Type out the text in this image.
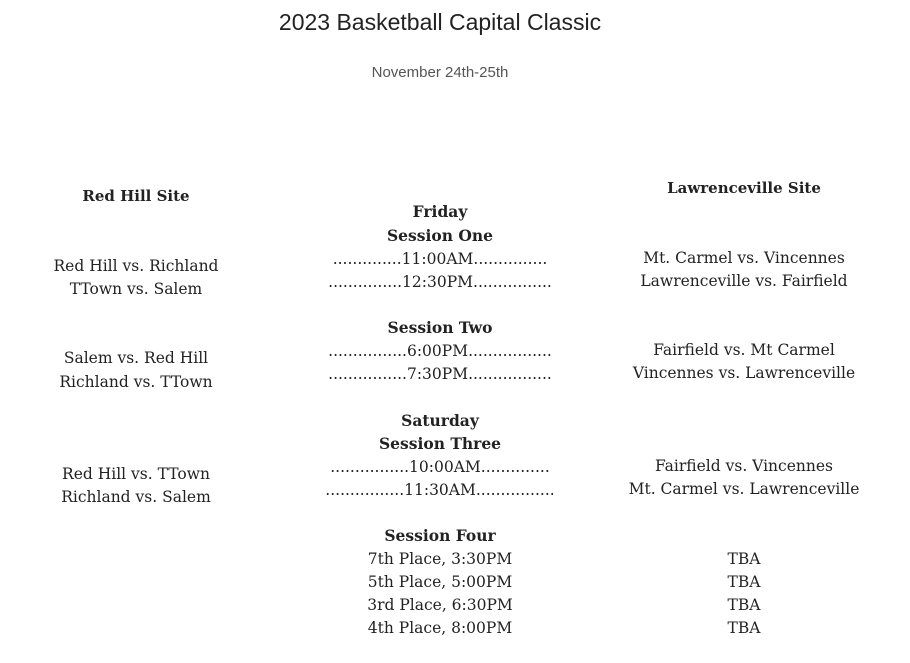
2023 Basketball Capital Classic
November 24th-25th
Red Hill Site	Lawrenceville Site
Friday
Session One
..............11:00AM...............
...............12:30PM................
Red Hill vs. Richland
TTown vs. Salem
Mt. Carmel vs. Vincennes
Lawrenceville vs. Fairfield
Session Two
................6:00PM.................
................7:30PM.................
Salem vs. Red Hill
Richland vs. TTown
Fairfield vs. Mt Carmel
Vincennes vs. Lawrenceville
Saturday
Session Three
................10:00AM..............
................11:30AM................
Red Hill vs. TTown
Richland vs. Salem
Fairfield vs. Vincennes
Mt. Carmel vs. Lawrenceville
Session Four
7th Place, 3:30PM
5th Place, 5:00PM
3rd Place, 6:30PM
4th Place, 8:00PM
TBA
TBA
TBA
TBA
